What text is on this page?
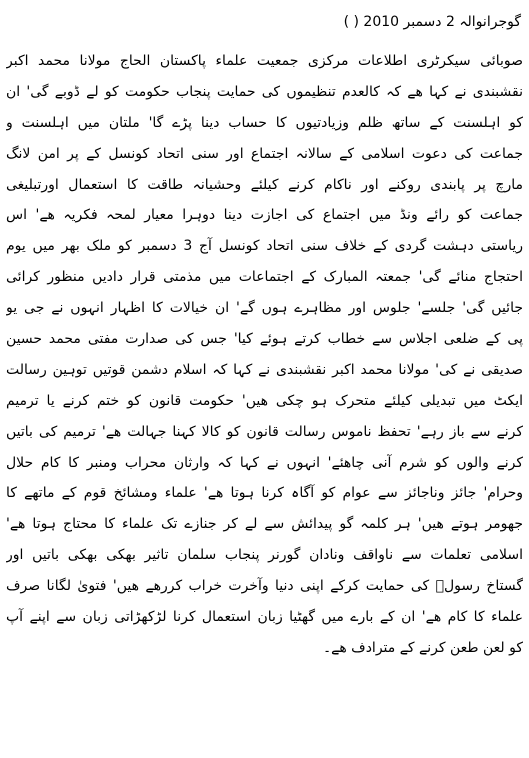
گوجرانوالہ 2 دسمبر 2010 ( )
صوبائی سیکرٹری اطلاعات مرکزی جمعیت علماء پاکستان الحاج مولانا محمد اکبر
نقشبندی نے کہا ھے کہ کالعدم تنظیموں کی حمایت پنجاب حکومت کو لے ڈوبے گی' ان
کو اہلسنت کے ساتھ ظلم وزیادتیوں کا حساب دینا پڑے گا' ملتان میں اہلسنت و
جماعت کی دعوت اسلامی کے سالانہ اجتماع اور سنی اتحاد کونسل کے پر امن لانگ
مارچ پر پابندی روکنے اور ناکام کرنے کیلئے وحشیانہ طاقت کا استعمال اورتبلیغی
جماعت کو رائے ونڈ میں اجتماع کی اجازت دینا دوہرا معیار لمحہ فکریہ ھے' اس
ریاستی دہشت گردی کے خلاف سنی اتحاد کونسل آج 3 دسمبر کو ملک بھر میں یوم
احتجاج منائے گی' جمعتہ المبارک کے اجتماعات میں مذمتی قرار دادیں منظور کرائی
جائیں گی' جلسے' جلوس اور مظاہرے ہوں گے' ان خیالات کا اظہار انہوں نے جی یو
پی کے ضلعی اجلاس سے خطاب کرتے ہوئے کیا' جس کی صدارت مفتی محمد حسین
صدیقی نے کی' مولانا محمد اکبر نقشبندی نے کہا کہ اسلام دشمن قوتیں توہین رسالت
ایکٹ میں تبدیلی کیلئے متحرک ہو چکی ھیں' حکومت قانون کو ختم کرنے یا ترمیم
کرنے سے باز رہے' تحفظ ناموس رسالت قانون کو کالا کہنا جہالت ھے' ترمیم کی باتیں
کرنے والوں کو شرم آنی چاھئے' انہوں نے کہا کہ وارثان محراب ومنبر کا کام حلال
وحرام' جائز وناجائز سے عوام کو آگاہ کرنا ہوتا ھے' علماء ومشائخ قوم کے ماتھے کا
جھومر ہوتے ھیں' ہر کلمہ گو پیدائش سے لے کر جنازے تک علماء کا محتاج ہوتا ھے'
اسلامی تعلمات سے ناواقف ونادان گورنر پنجاب سلمان تاثیر بھکی بھکی باتیں اور
گستاخ رسولؐ کی حمایت کرکے اپنی دنیا وآخرت خراب کررھے ھیں' فتویٰ لگانا صرف
علماء کا کام ھے' ان کے بارے میں گھٹیا زبان استعمال کرنا لڑکھڑاتی زبان سے اپنے آپ
کو لعن طعن کرنے کے مترادف ھے۔
